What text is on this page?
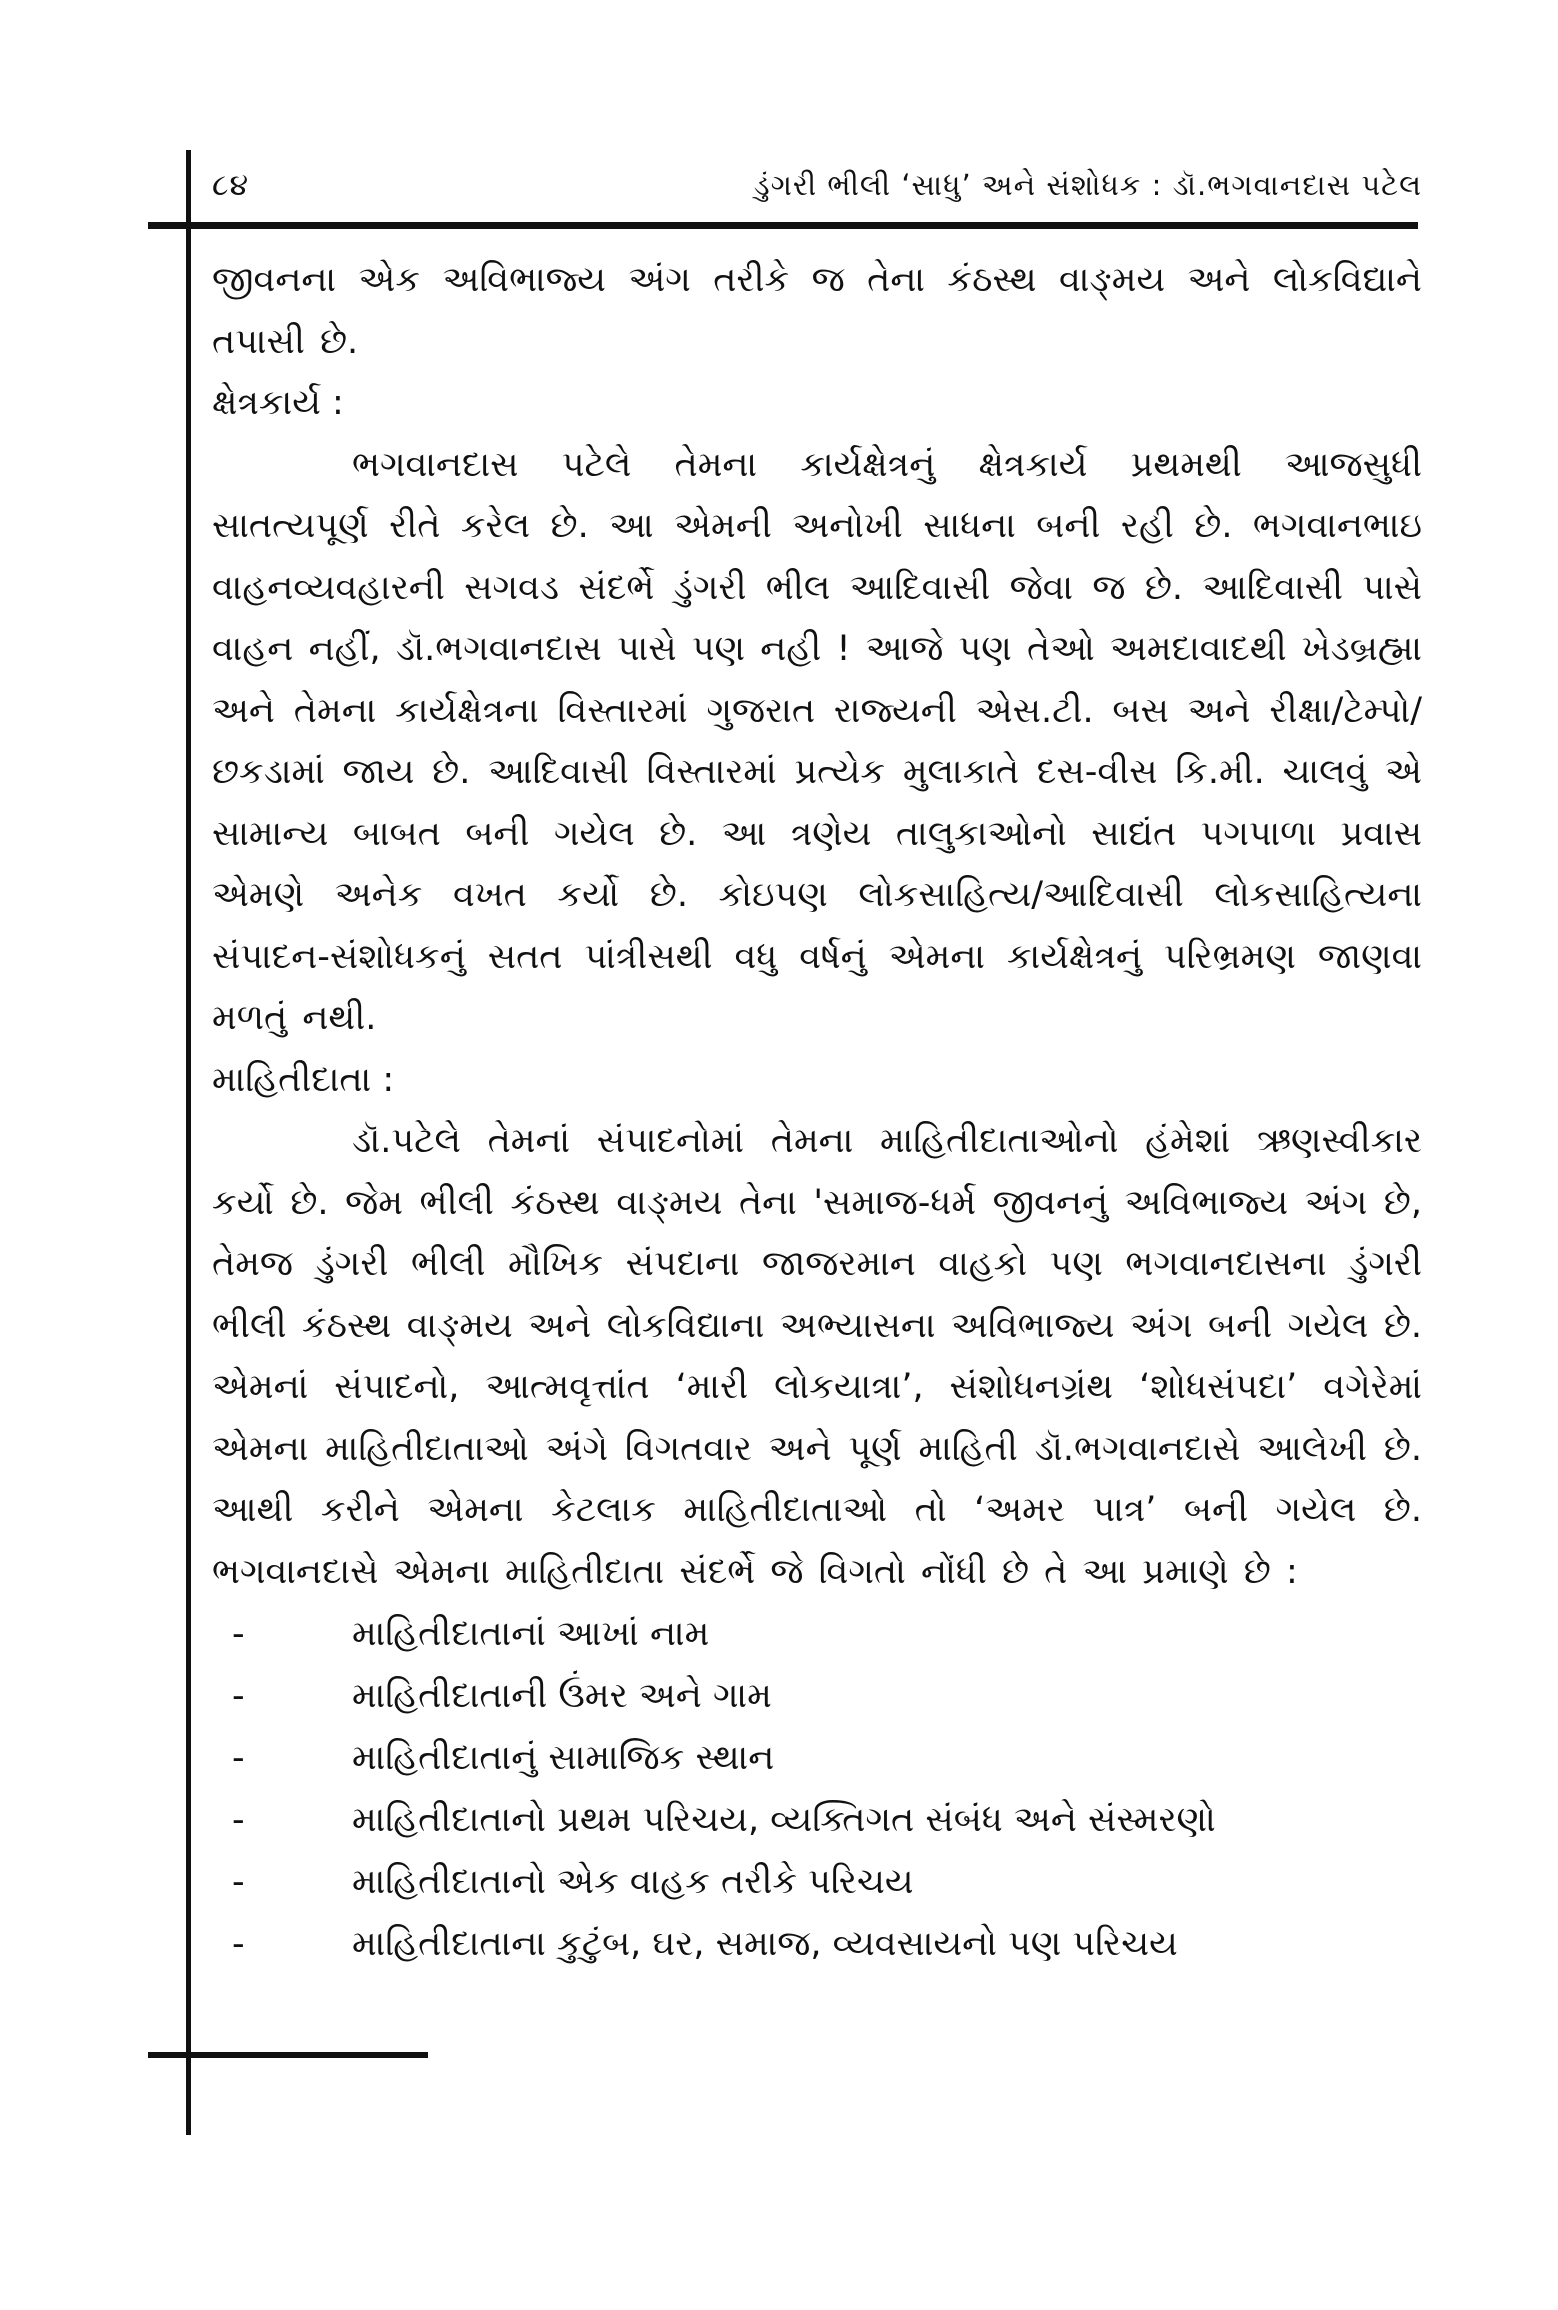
૮૪	ડુંગરી ભીલી ‘સાધુ’ અને સંશોધક : ડૉ.ભગવાનદાસ પટેલ

જીવનના એક અવિભાજ્ય અંગ તરીકે જ તેના કંઠસ્થ વાઙ્મય અને લોકવિદ્યાને તપાસી છે.

ક્ષેત્રકાર્ય :

ભગવાનદાસ પટેલે તેમના કાર્યક્ષેત્રનું ક્ષેત્રકાર્ય પ્રથમથી આજસુધી સાતત્યપૂર્ણ રીતે કરેલ છે. આ એમની અનોખી સાધના બની રહી છે. ભગવાનભાઇ વાહનવ્યવહારની સગવડ સંદર્ભે ડુંગરી ભીલ આદિવાસી જેવા જ છે. આદિવાસી પાસે વાહન નહીં, ડૉ.ભગવાનદાસ પાસે પણ નહી ! આજે પણ તેઓ અમદાવાદથી ખેડબ્રહ્મા અને તેમના કાર્યક્ષેત્રના વિસ્તારમાં ગુજરાત રાજ્યની એસ.ટી. બસ અને રીક્ષા/ટેમ્પો/છકડામાં જાય છે. આદિવાસી વિસ્તારમાં પ્રત્યેક મુલાકાતે દસ-વીસ કિ.મી. ચાલવું એ સામાન્ય બાબત બની ગયેલ છે. આ ત્રણેય તાલુકાઓનો સાદ્યંત પગપાળા પ્રવાસ એમણે અનેક વખત કર્યો છે. કોઇપણ લોકસાહિત્ય/આદિવાસી લોકસાહિત્યના સંપાદન-સંશોધકનું સતત પાંત્રીસથી વધુ વર્ષનું એમના કાર્યક્ષેત્રનું પરિભ્રમણ જાણવા મળતું નથી.

માહિતીદાતા :

ડૉ.પટેલે તેમનાં સંપાદનોમાં તેમના માહિતીદાતાઓનો હંમેશાં ઋણસ્વીકાર કર્યો છે. જેમ ભીલી કંઠસ્થ વાઙ્મય તેના 'સમાજ-ધર્મ જીવનનું અવિભાજ્ય અંગ છે, તેમજ ડુંગરી ભીલી મૌખિક સંપદાના જાજરમાન વાહકો પણ ભગવાનદાસના ડુંગરી ભીલી કંઠસ્થ વાઙ્મય અને લોકવિદ્યાના અભ્યાસના અવિભાજ્ય અંગ બની ગયેલ છે. એમનાં સંપાદનો, આત્મવૃત્તાંત ‘મારી લોકયાત્રા’, સંશોધનગ્રંથ ‘શોધસંપદા’ વગેરેમાં એમના માહિતીદાતાઓ અંગે વિગતવાર અને પૂર્ણ માહિતી ડૉ.ભગવાનદાસે આલેખી છે. આથી કરીને એમના કેટલાક માહિતીદાતાઓ તો ‘અમર પાત્ર’ બની ગયેલ છે. ભગવાનદાસે એમના માહિતીદાતા સંદર્ભે જે વિગતો નોંધી છે તે આ પ્રમાણે છે :

-	માહિતીદાતાનાં આખાં નામ
-	માહિતીદાતાની ઉંમર અને ગામ
-	માહિતીદાતાનું સામાજિક સ્થાન
-	માહિતીદાતાનો પ્રથમ પરિચય, વ્યક્તિગત સંબંધ અને સંસ્મરણો
-	માહિતીદાતાનો એક વાહક તરીકે પરિચય
-	માહિતીદાતાના કુટુંબ, ઘર, સમાજ, વ્યવસાયનો પણ પરિચય
